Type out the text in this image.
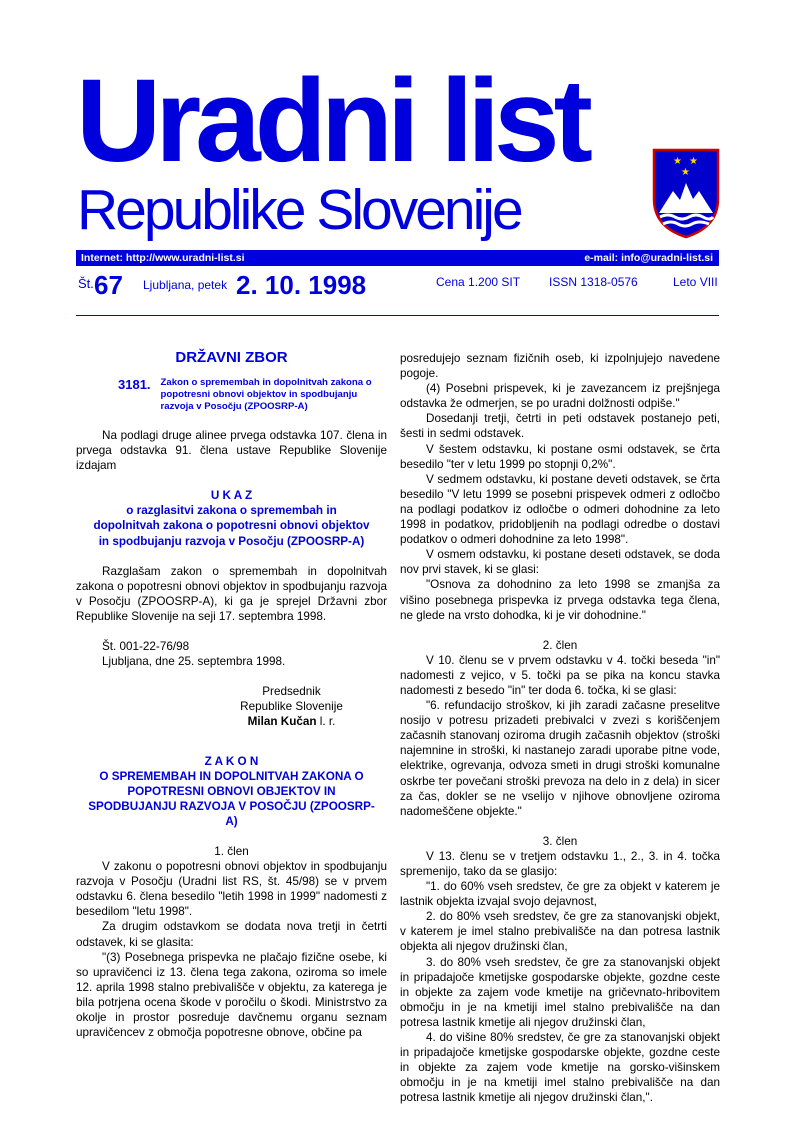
Uradni list
Republike Slovenije
★ ★
★
Internet: http://www.uradni-list.si	e-mail: info@uradni-list.si
Št. 67 Ljubljana, petek 2. 10. 1998	Cena 1.200 SIT ISSN 1318-0576	Leto VIII

DRŽAVNI ZBOR

3181. Zakon o spremembah in dopolnitvah zakona o popotresni obnovi objektov in spodbujanju razvoja v Posočju (ZPOOSRP-A)

Na podlagi druge alinee prvega odstavka 107. člena in prvega odstavka 91. člena ustave Republike Slovenije izdajam

U K A Z

o razglasitvi zakona o spremembah in dopolnitvah zakona o popotresni obnovi objektov in spodbujanju razvoja v Posočju (ZPOOSRP-A)

Razglašam zakon o spremembah in dopolnitvah zakona o popotresni obnovi objektov in spodbujanju razvoja v Posočju (ZPOOSRP-A), ki ga je sprejel Državni zbor Republike Slovenije na seji 17. septembra 1998.

Št. 001-22-76/98

Ljubljana, dne 25. septembra 1998.

Predsednik

Republike Slovenije

Milan Kučan l. r.

Z A K O N

O SPREMEMBAH IN DOPOLNITVAH ZAKONA O POPOTRESNI OBNOVI OBJEKTOV IN SPODBUJANJU RAZVOJA V POSOČJU (ZPOOSRP-A)

1. člen

V zakonu o popotresni obnovi objektov in spodbujanju razvoja v Posočju (Uradni list RS, št. 45/98) se v prvem odstavku 6. člena besedilo "letih 1998 in 1999" nadomesti z besedilom "letu 1998".

Za drugim odstavkom se dodata nova tretji in četrti odstavek, ki se glasita:

"(3) Posebnega prispevka ne plačajo fizične osebe, ki so upravičenci iz 13. člena tega zakona, oziroma so imele 12. aprila 1998 stalno prebivališče v objektu, za katerega je bila potrjena ocena škode v poročilu o škodi. Ministrstvo za okolje in prostor posreduje davčnemu organu seznam upravičencev z območja popotresne obnove, občine pa

posredujejo seznam fizičnih oseb, ki izpolnjujejo navedene pogoje.

(4) Posebni prispevek, ki je zavezancem iz prejšnjega odstavka že odmerjen, se po uradni dolžnosti odpiše."

Dosedanji tretji, četrti in peti odstavek postanejo peti, šesti in sedmi odstavek.

V šestem odstavku, ki postane osmi odstavek, se črta besedilo "ter v letu 1999 po stopnji 0,2%".

V sedmem odstavku, ki postane deveti odstavek, se črta besedilo "V letu 1999 se posebni prispevek odmeri z odločbo na podlagi podatkov iz odločbe o odmeri dohodnine za leto 1998 in podatkov, pridobljenih na podlagi odredbe o dostavi podatkov o odmeri dohodnine za leto 1998".

V osmem odstavku, ki postane deseti odstavek, se doda nov prvi stavek, ki se glasi:

"Osnova za dohodnino za leto 1998 se zmanjša za višino posebnega prispevka iz prvega odstavka tega člena, ne glede na vrsto dohodka, ki je vir dohodnine."

2. člen

V 10. členu se v prvem odstavku v 4. točki beseda "in" nadomesti z vejico, v 5. točki pa se pika na koncu stavka nadomesti z besedo "in" ter doda 6. točka, ki se glasi:

"6. refundacijo stroškov, ki jih zaradi začasne preselitve nosijo v potresu prizadeti prebivalci v zvezi s koriščenjem začasnih stanovanj oziroma drugih začasnih objektov (stroški najemnine in stroški, ki nastanejo zaradi uporabe pitne vode, elektrike, ogrevanja, odvoza smeti in drugi stroški komunalne oskrbe ter povečani stroški prevoza na delo in z dela) in sicer za čas, dokler se ne vselijo v njihove obnovljene oziroma nadomeščene objekte."

3. člen

V 13. členu se v tretjem odstavku 1., 2., 3. in 4. točka spremenijo, tako da se glasijo:

"1. do 60% vseh sredstev, če gre za objekt v katerem je lastnik objekta izvajal svojo dejavnost,

2. do 80% vseh sredstev, če gre za stanovanjski objekt, v katerem je imel stalno prebivališče na dan potresa lastnik objekta ali njegov družinski član,

3. do 80% vseh sredstev, če gre za stanovanjski objekt in pripadajoče kmetijske gospodarske objekte, gozdne ceste in objekte za zajem vode kmetije na gričevnato-hribovitem območju in je na kmetiji imel stalno prebivališče na dan potresa lastnik kmetije ali njegov družinski član,

4. do višine 80% sredstev, če gre za stanovanjski objekt in pripadajoče kmetijske gospodarske objekte, gozdne ceste in objekte za zajem vode kmetije na gorsko-višinskem območju in je na kmetiji imel stalno prebivališče na dan potresa lastnik kmetije ali njegov družinski član,".
